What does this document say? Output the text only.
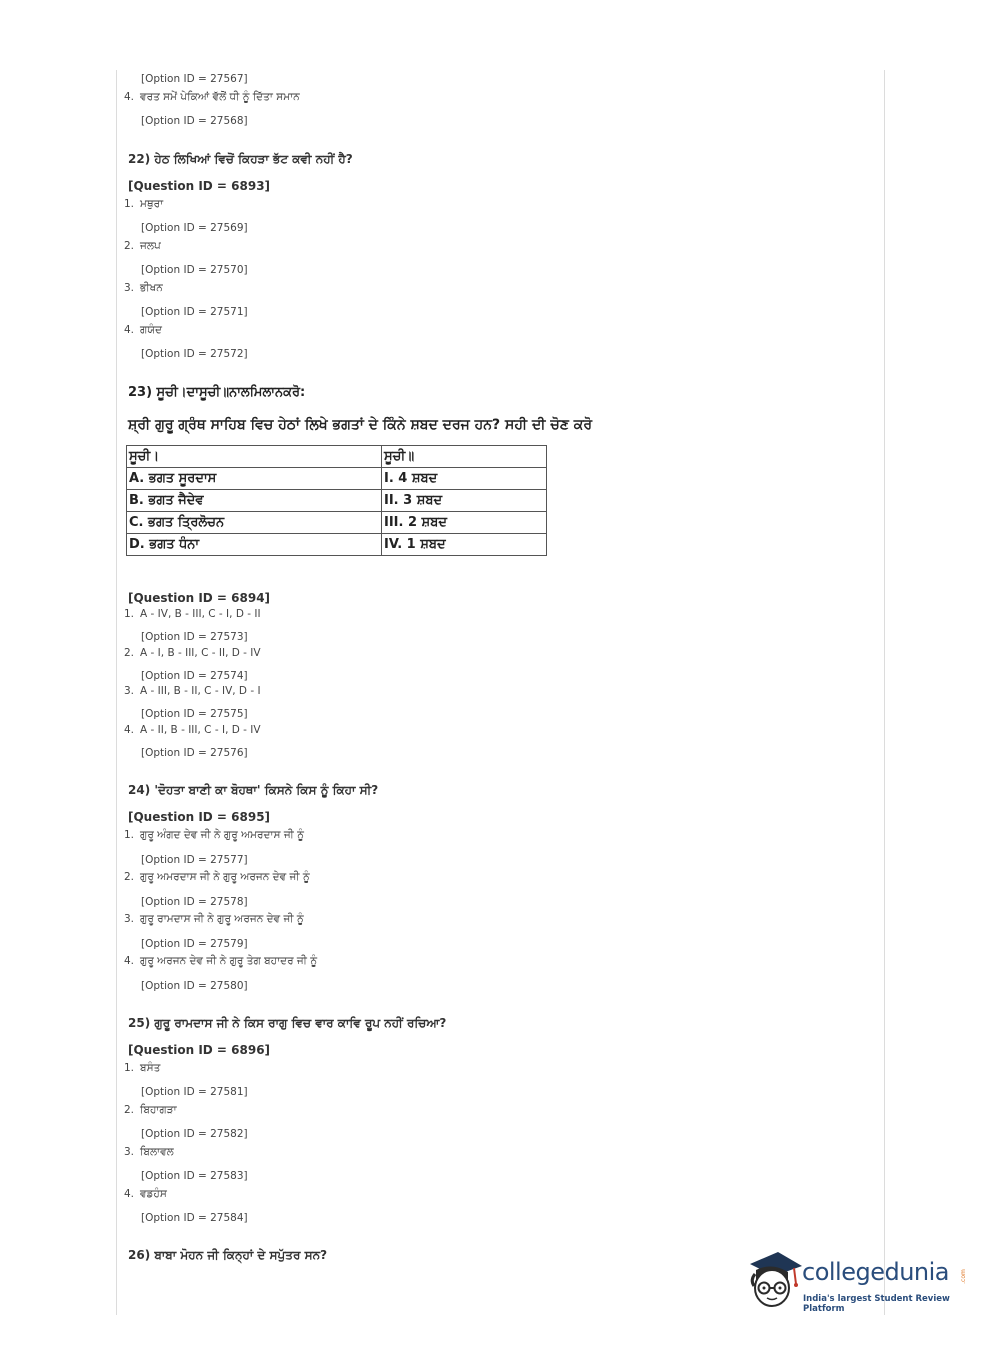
[Option ID = 27567]
4. ਵਰਤ ਸਮੇਂ ਪੇਕਿਆਂ ਵੱਲੋਂ ਧੀ ਨੂੰ ਦਿੱਤਾ ਸਮਾਨ
[Option ID = 27568]
22) ਹੇਠ ਲਿਖਿਆਂ ਵਿਚੋਂ ਕਿਹੜਾ ਭੱਟ ਕਵੀ ਨਹੀਂ ਹੈ?
[Question ID = 6893]
1. ਮਥੁਰਾ
[Option ID = 27569]
2. ਜਲਪ
[Option ID = 27570]
3. ਭੀਖਨ
[Option ID = 27571]
4. ਗਯੰਦ
[Option ID = 27572]
23) ਸੂਚੀ।ਦਾਸੂਚੀ॥ਨਾਲਮਿਲਾਨਕਰੋ:
ਸ਼੍ਰੀ ਗੁਰੂ ਗ੍ਰੰਥ ਸਾਹਿਬ ਵਿਚ ਹੇਠਾਂ ਲਿਖੇ ਭਗਤਾਂ ਦੇ ਕਿੰਨੇ ਸ਼ਬਦ ਦਰਜ ਹਨ? ਸਹੀ ਦੀ ਚੋਣ ਕਰੋ
ਸੂਚੀ।	ਸੂਚੀ॥
A. ਭਗਤ ਸੂਰਦਾਸ	I. 4 ਸ਼ਬਦ
B. ਭਗਤ ਜੈਦੇਵ	II. 3 ਸ਼ਬਦ
C. ਭਗਤ ਤ੍ਰਿਲੋਚਨ	III. 2 ਸ਼ਬਦ
D. ਭਗਤ ਧੰਨਾ	IV. 1 ਸ਼ਬਦ
[Question ID = 6894]
1. A - IV, B - III, C - I, D - II
[Option ID = 27573]
2. A - I, B - III, C - II, D - IV
[Option ID = 27574]
3. A - III, B - II, C - IV, D - I
[Option ID = 27575]
4. A - II, B - III, C - I, D - IV
[Option ID = 27576]
24) 'ਦੋਹਤਾ ਬਾਣੀ ਕਾ ਬੋਹਥਾ' ਕਿਸਨੇ ਕਿਸ ਨੂੰ ਕਿਹਾ ਸੀ?
[Question ID = 6895]
1. ਗੁਰੂ ਅੰਗਦ ਦੇਵ ਜੀ ਨੇ ਗੁਰੂ ਅਮਰਦਾਸ ਜੀ ਨੂੰ
[Option ID = 27577]
2. ਗੁਰੂ ਅਮਰਦਾਸ ਜੀ ਨੇ ਗੁਰੂ ਅਰਜਨ ਦੇਵ ਜੀ ਨੂੰ
[Option ID = 27578]
3. ਗੁਰੂ ਰਾਮਦਾਸ ਜੀ ਨੇ ਗੁਰੂ ਅਰਜਨ ਦੇਵ ਜੀ ਨੂੰ
[Option ID = 27579]
4. ਗੁਰੂ ਅਰਜਨ ਦੇਵ ਜੀ ਨੇ ਗੁਰੂ ਤੇਗ ਬਹਾਦਰ ਜੀ ਨੂੰ
[Option ID = 27580]
25) ਗੁਰੂ ਰਾਮਦਾਸ ਜੀ ਨੇ ਕਿਸ ਰਾਗੁ ਵਿਚ ਵਾਰ ਕਾਵਿ ਰੂਪ ਨਹੀਂ ਰਚਿਆ?
[Question ID = 6896]
1. ਬਸੰਤ
[Option ID = 27581]
2. ਬਿਹਾਗੜਾ
[Option ID = 27582]
3. ਬਿਲਾਵਲ
[Option ID = 27583]
4. ਵਡਹੰਸ
[Option ID = 27584]
26) ਬਾਬਾ ਮੋਹਨ ਜੀ ਕਿਨ੍ਹਾਂ ਦੇ ਸਪੁੱਤਰ ਸਨ?
collegedunia .com
India's largest Student Review Platform
